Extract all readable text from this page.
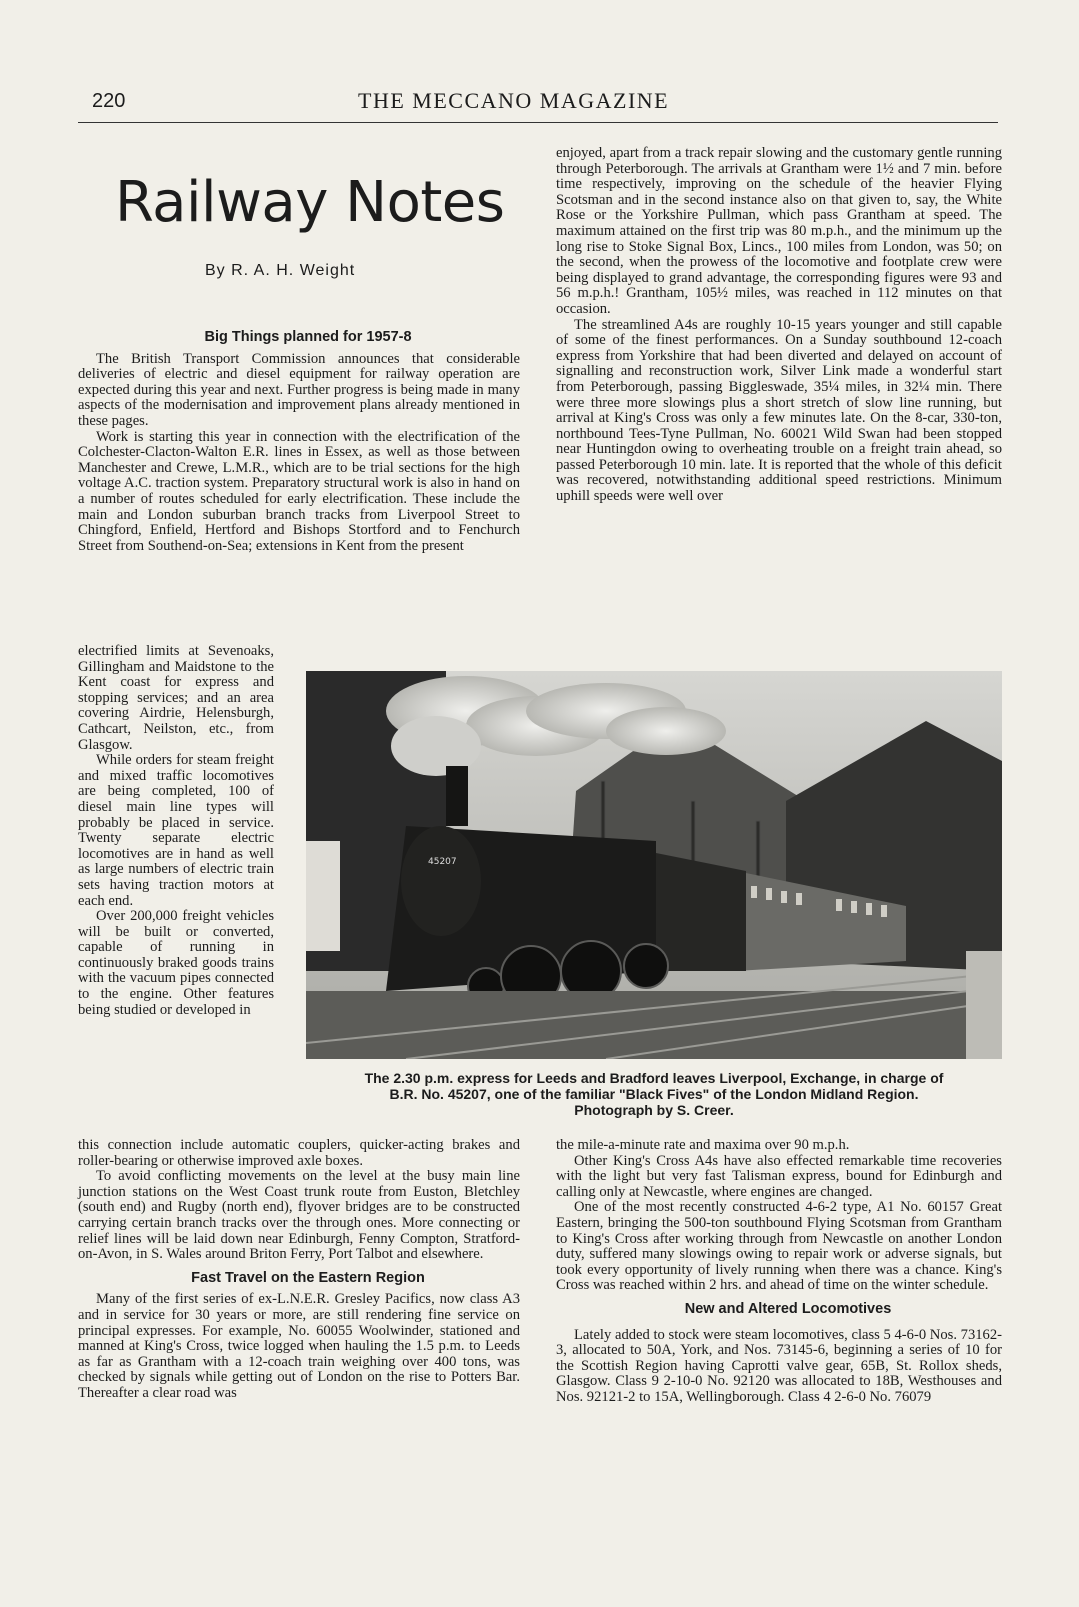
220	THE MECCANO MAGAZINE
Railway Notes
By R. A. H. Weight

Big Things planned for 1957-8

The British Transport Commission announces that considerable deliveries of electric and diesel equipment for railway operation are expected during this year and next. Further progress is being made in many aspects of the modernisation and improvement plans already mentioned in these pages.

Work is starting this year in connection with the electrification of the Colchester-Clacton-Walton E.R. lines in Essex, as well as those between Manchester and Crewe, L.M.R., which are to be trial sections for the high voltage A.C. traction system. Preparatory structural work is also in hand on a number of routes scheduled for early electrification. These include the main and London suburban branch tracks from Liverpool Street to Chingford, Enfield, Hertford and Bishops Stortford and to Fenchurch Street from Southend-on-Sea; extensions in Kent from the present

electrified limits at Sevenoaks, Gillingham and Maidstone to the Kent coast for express and stopping services; and an area covering Airdrie, Helensburgh, Cathcart, Neilston, etc., from Glasgow.

While orders for steam freight and mixed traffic locomotives are being completed, 100 of diesel main line types will probably be placed in service. Twenty separate electric locomotives are in hand as well as large numbers of electric train sets having traction motors at each end.

Over 200,000 freight vehicles will be built or converted, capable of running in continuously braked goods trains with the vacuum pipes connected to the engine. Other features being studied or developed in

this connection include automatic couplers, quicker-acting brakes and roller-bearing or otherwise improved axle boxes.

To avoid conflicting movements on the level at the busy main line junction stations on the West Coast trunk route from Euston, Bletchley (south end) and Rugby (north end), flyover bridges are to be constructed carrying certain branch tracks over the through ones. More connecting or relief lines will be laid down near Edinburgh, Fenny Compton, Stratford-on-Avon, in S. Wales around Briton Ferry, Port Talbot and elsewhere.

Fast Travel on the Eastern Region

Many of the first series of ex-L.N.E.R. Gresley Pacifics, now class A3 and in service for 30 years or more, are still rendering fine service on principal expresses. For example, No. 60055 Woolwinder, stationed and manned at King's Cross, twice logged when hauling the 1.5 p.m. to Leeds as far as Grantham with a 12-coach train weighing over 400 tons, was checked by signals while getting out of London on the rise to Potters Bar. Thereafter a clear road was

enjoyed, apart from a track repair slowing and the customary gentle running through Peterborough. The arrivals at Grantham were 1½ and 7 min. before time respectively, improving on the schedule of the heavier Flying Scotsman and in the second instance also on that given to, say, the White Rose or the Yorkshire Pullman, which pass Grantham at speed. The maximum attained on the first trip was 80 m.p.h., and the minimum up the long rise to Stoke Signal Box, Lincs., 100 miles from London, was 50; on the second, when the prowess of the locomotive and footplate crew were being displayed to grand advantage, the corresponding figures were 93 and 56 m.p.h.! Grantham, 105½ miles, was reached in 112 minutes on that occasion.

The streamlined A4s are roughly 10-15 years younger and still capable of some of the finest performances. On a Sunday southbound 12-coach express from Yorkshire that had been diverted and delayed on account of signalling and reconstruction work, Silver Link made a wonderful start from Peterborough, passing Biggleswade, 35¼ miles, in 32¼ min. There were three more slowings plus a short stretch of slow line running, but arrival at King's Cross was only a few minutes late. On the 8-car, 330-ton, northbound Tees-Tyne Pullman, No. 60021 Wild Swan had been stopped near Huntingdon owing to overheating trouble on a freight train ahead, so passed Peterborough 10 min. late. It is reported that the whole of this deficit was recovered, notwithstanding additional speed restrictions. Minimum uphill speeds were well over

45207
The 2.30 p.m. express for Leeds and Bradford leaves Liverpool, Exchange, in charge of
B.R. No. 45207, one of the familiar "Black Fives" of the London Midland Region.
Photograph by S. Creer.

the mile-a-minute rate and maxima over 90 m.p.h.

Other King's Cross A4s have also effected remarkable time recoveries with the light but very fast Talisman express, bound for Edinburgh and calling only at Newcastle, where engines are changed.

One of the most recently constructed 4-6-2 type, A1 No. 60157 Great Eastern, bringing the 500-ton southbound Flying Scotsman from Grantham to King's Cross after working through from Newcastle on another London duty, suffered many slowings owing to repair work or adverse signals, but took every opportunity of lively running when there was a chance. King's Cross was reached within 2 hrs. and ahead of time on the winter schedule.

New and Altered Locomotives

Lately added to stock were steam locomotives, class 5 4-6-0 Nos. 73162-3, allocated to 50A, York, and Nos. 73145-6, beginning a series of 10 for the Scottish Region having Caprotti valve gear, 65B, St. Rollox sheds, Glasgow. Class 9 2-10-0 No. 92120 was allocated to 18B, Westhouses and Nos. 92121-2 to 15A, Wellingborough. Class 4 2-6-0 No. 76079
